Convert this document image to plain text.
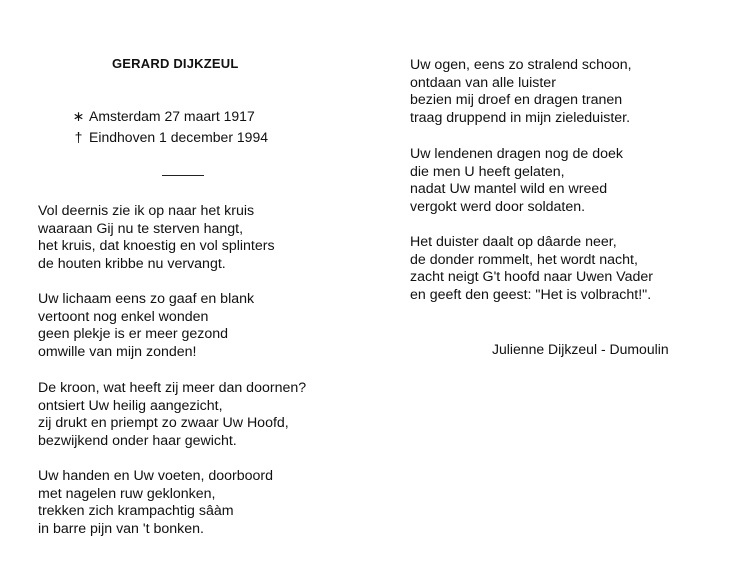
GERARD DIJKZEUL
∗ Amsterdam 27 maart 1917
† Eindhoven 1 december 1994
Vol deernis zie ik op naar het kruis
waaraan Gij nu te sterven hangt,
het kruis, dat knoestig en vol splinters
de houten kribbe nu vervangt.
Uw lichaam eens zo gaaf en blank
vertoont nog enkel wonden
geen plekje is er meer gezond
omwille van mijn zonden!
De kroon, wat heeft zij meer dan doornen?
ontsiert Uw heilig aangezicht,
zij drukt en priempt zo zwaar Uw Hoofd,
bezwijkend onder haar gewicht.
Uw handen en Uw voeten, doorboord
met nagelen ruw geklonken,
trekken zich krampachtig sâàm
in barre pijn van 't bonken.
Uw ogen, eens zo stralend schoon,
ontdaan van alle luister
bezien mij droef en dragen tranen
traag druppend in mijn zieleduister.
Uw lendenen dragen nog de doek
die men U heeft gelaten,
nadat Uw mantel wild en wreed
vergokt werd door soldaten.
Het duister daalt op dâarde neer,
de donder rommelt, het wordt nacht,
zacht neigt G't hoofd naar Uwen Vader
en geeft den geest: "Het is volbracht!".
Julienne Dijkzeul - Dumoulin
